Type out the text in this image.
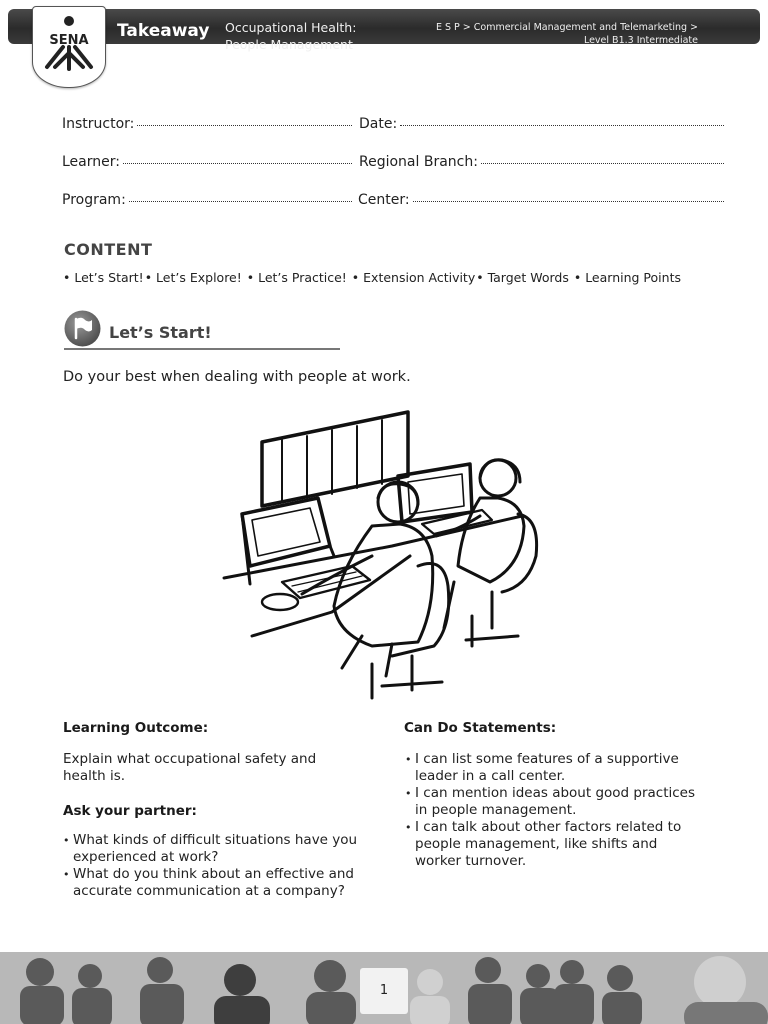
Takeaway Occupational Health:
People Management
E S P > Commercial Management and Telemarketing >
Level B1.3 Intermediate
SENA
Instructor:	Date:
Learner:	Regional Branch:
Program:	Center:
CONTENT
• Let’s Start!• Let’s Explore! • Let’s Practice! • Extension Activity• Target Words • Learning Points
Let’s Start!
Do your best when dealing with people at work.
Learning Outcome:
Explain what occupational safety and health is.
Ask your partner:
• What kinds of difficult situations have you experienced at work?
• What do you think about an effective and accurate communication at a company?
Can Do Statements:
• I can list some features of a supportive leader in a call center.
• I can mention ideas about good practices in people management.
• I can talk about other factors related to people management, like shifts and worker turnover.
1
